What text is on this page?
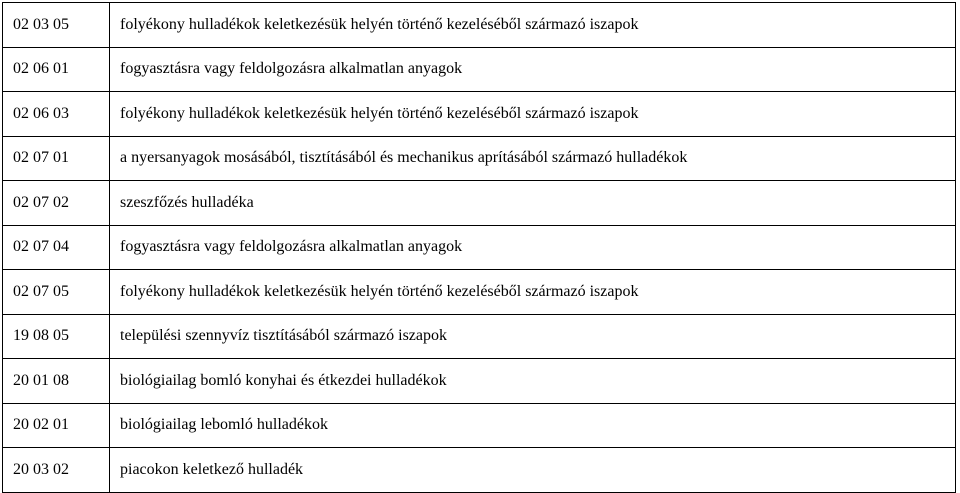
02 03 05	folyékony hulladékok keletkezésük helyén történő kezeléséből származó iszapok
02 06 01	fogyasztásra vagy feldolgozásra alkalmatlan anyagok
02 06 03	folyékony hulladékok keletkezésük helyén történő kezeléséből származó iszapok
02 07 01	a nyersanyagok mosásából, tisztításából és mechanikus aprításából származó hulladékok
02 07 02	szeszfőzés hulladéka
02 07 04	fogyasztásra vagy feldolgozásra alkalmatlan anyagok
02 07 05	folyékony hulladékok keletkezésük helyén történő kezeléséből származó iszapok
19 08 05	települési szennyvíz tisztításából származó iszapok
20 01 08	biológiailag bomló konyhai és étkezdei hulladékok
20 02 01	biológiailag lebomló hulladékok
20 03 02	piacokon keletkező hulladék
